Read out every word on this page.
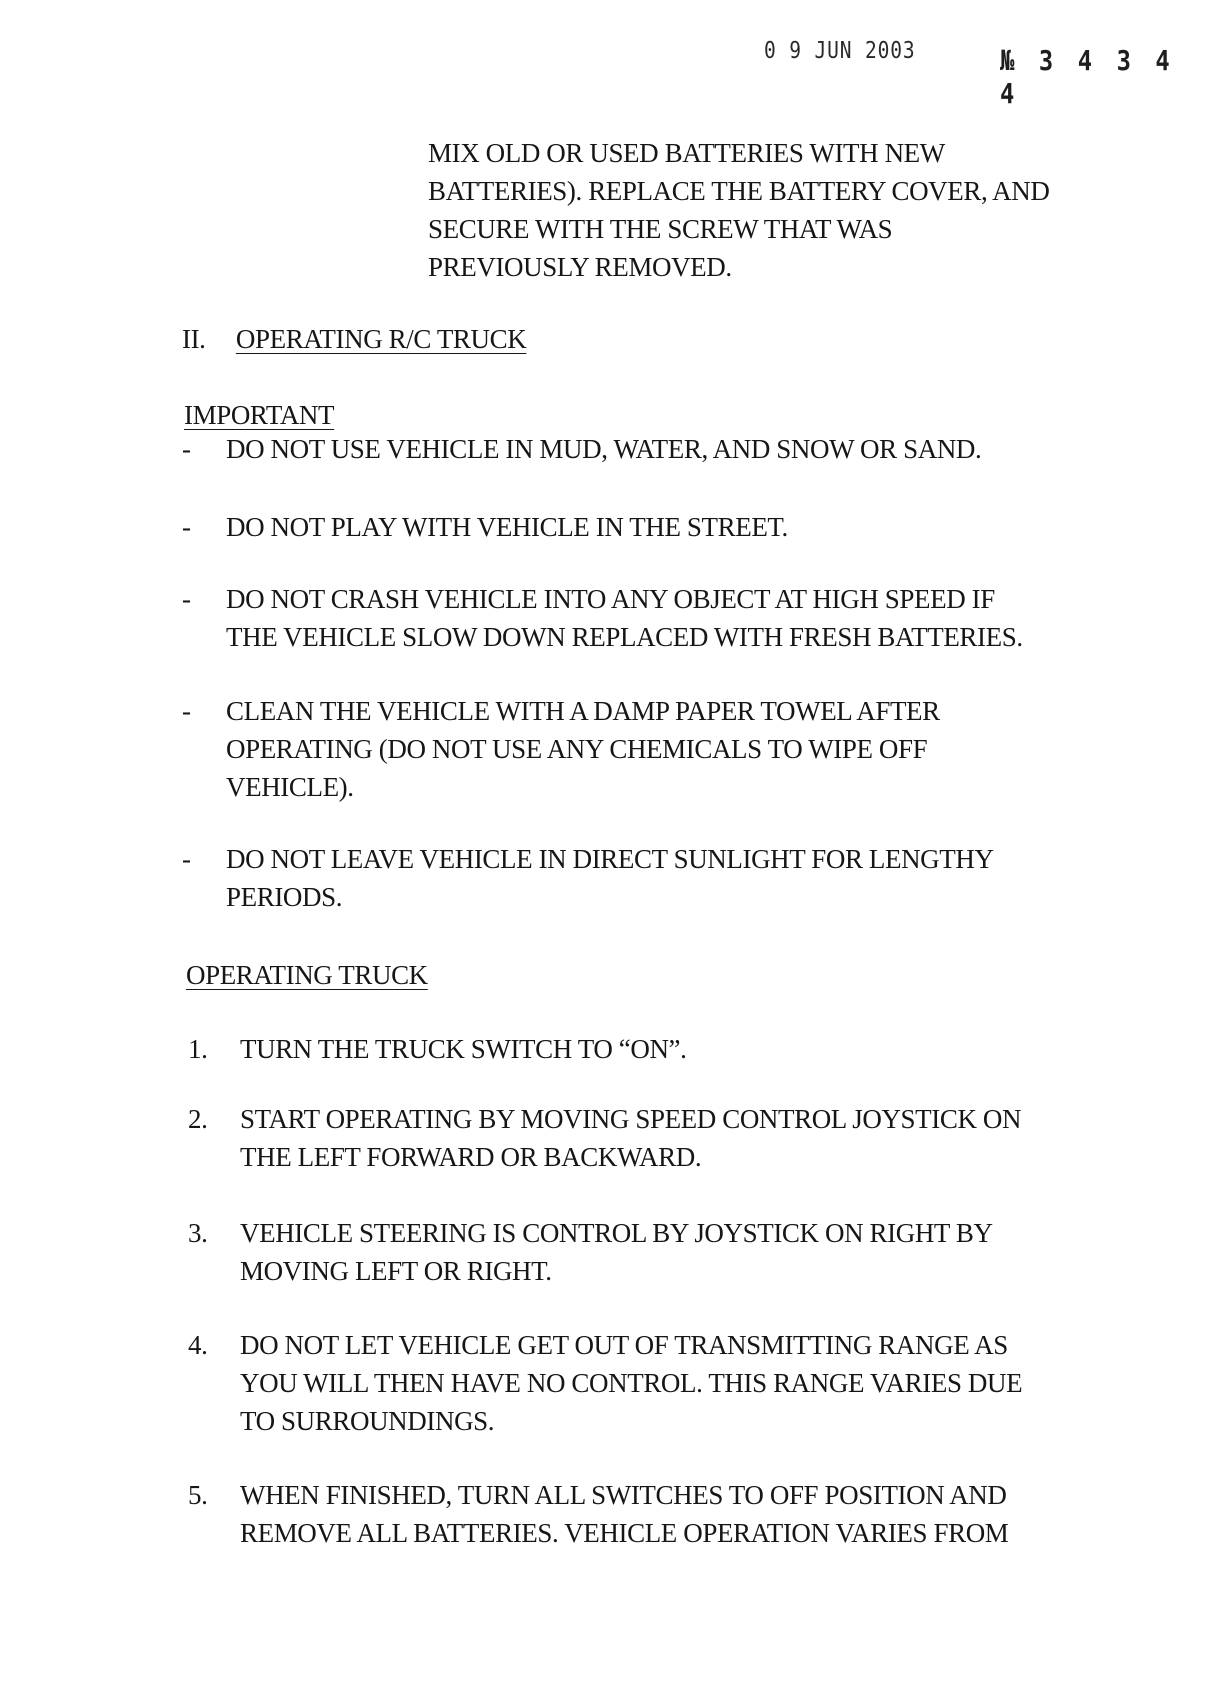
0 9 JUN 2003	№ 3 4 3 4 4

MIX OLD OR USED BATTERIES WITH NEW

BATTERIES). REPLACE THE BATTERY COVER, AND

SECURE WITH THE SCREW THAT WAS

PREVIOUSLY REMOVED.

II. OPERATING R/C TRUCK
IMPORTANT
- DO NOT USE VEHICLE IN MUD, WATER, AND SNOW OR SAND.

- DO NOT PLAY WITH VEHICLE IN THE STREET.

- DO NOT CRASH VEHICLE INTO ANY OBJECT AT HIGH SPEED IF

THE VEHICLE SLOW DOWN REPLACED WITH FRESH BATTERIES.

- CLEAN THE VEHICLE WITH A DAMP PAPER TOWEL AFTER

OPERATING (DO NOT USE ANY CHEMICALS TO WIPE OFF

VEHICLE).

- DO NOT LEAVE VEHICLE IN DIRECT SUNLIGHT FOR LENGTHY

PERIODS.

OPERATING TRUCK
1. TURN THE TRUCK SWITCH TO “ON”.

2. START OPERATING BY MOVING SPEED CONTROL JOYSTICK ON

THE LEFT FORWARD OR BACKWARD.

3. VEHICLE STEERING IS CONTROL BY JOYSTICK ON RIGHT BY

MOVING LEFT OR RIGHT.

4. DO NOT LET VEHICLE GET OUT OF TRANSMITTING RANGE AS

YOU WILL THEN HAVE NO CONTROL. THIS RANGE VARIES DUE

TO SURROUNDINGS.

5. WHEN FINISHED, TURN ALL SWITCHES TO OFF POSITION AND

REMOVE ALL BATTERIES. VEHICLE OPERATION VARIES FROM
